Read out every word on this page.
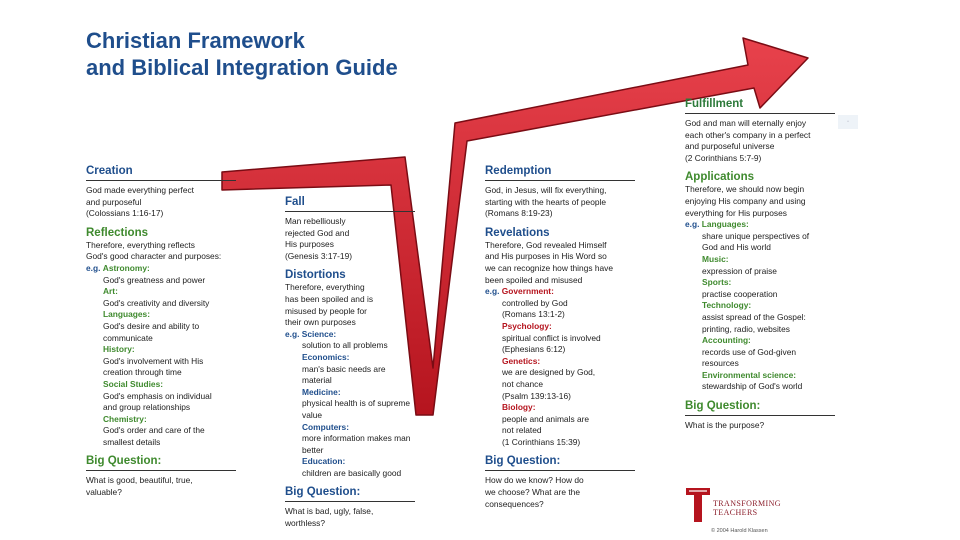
Christian Framework
and Biblical Integration Guide
▫
Creation
God made everything perfect
and purposeful
(Colossians 1:16-17)
Reflections
Therefore, everything reflects
God's good character and purposes:
e.g. Astronomy:
God's greatness and power
Art:
God's creativity and diversity
Languages:
God's desire and ability to
communicate
History:
God's involvement with His
creation through time
Social Studies:
God's emphasis on individual
and group relationships
Chemistry:
God's order and care of the
smallest details
Big Question:
What is good, beautiful, true,
valuable?
Fall
Man rebelliously
rejected God and
His purposes
(Genesis 3:17-19)
Distortions
Therefore, everything
has been spoiled and is
misused by people for
their own purposes
e.g. Science:
solution to all problems
Economics:
man's basic needs are
material
Medicine:
physical health is of supreme
value
Computers:
more information makes man
better
Education:
children are basically good
Big Question:
What is bad, ugly, false,
worthless?
Redemption
God, in Jesus, will fix everything,
starting with the hearts of people
(Romans 8:19-23)
Revelations
Therefore, God revealed Himself
and His purposes in His Word so
we can recognize how things have
been spoiled and misused
e.g. Government:
controlled by God
(Romans 13:1-2)
Psychology:
spiritual conflict is involved
(Ephesians 6:12)
Genetics:
we are designed by God,
not chance
(Psalm 139:13-16)
Biology:
people and animals are
not related
(1 Corinthians 15:39)
Big Question:
How do we know? How do
we choose? What are the
consequences?
Fulfillment
God and man will eternally enjoy
each other's company in a perfect
and purposeful universe
(2 Corinthians 5:7-9)
Applications
Therefore, we should now begin
enjoying His company and using
everything for His purposes
e.g. Languages:
share unique perspectives of
God and His world
Music:
expression of praise
Sports:
practise cooperation
Technology:
assist spread of the Gospel:
printing, radio, websites
Accounting:
records use of God-given
resources
Environmental science:
stewardship of God's world
Big Question:
What is the purpose?
TRANSFORMING
TEACHERS
© 2004 Harold Klassen
